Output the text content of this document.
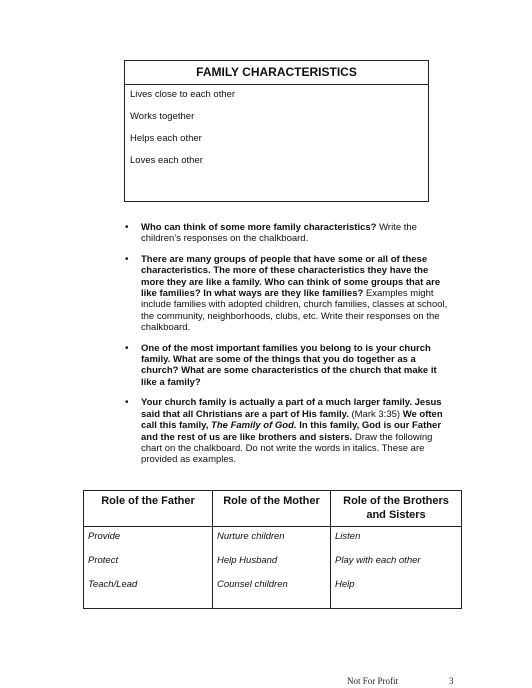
FAMILY CHARACTERISTICS
Lives close to each other
Works together
Helps each other
Loves each other
•	Who can think of some more family characteristics? Write the children’s responses on the chalkboard.
•	There are many groups of people that have some or all of these characteristics. The more of these characteristics they have the more they are like a family. Who can think of some groups that are like families? In what ways are they like families? Examples might include families with adopted children, church families, classes at school, the community, neighborhoods, clubs, etc. Write their responses on the chalkboard.
•	One of the most important families you belong to is your church family. What are some of the things that you do together as a church? What are some characteristics of the church that make it like a family?
•	Your church family is actually a part of a much larger family. Jesus said that all Christians are a part of His family. (Mark 3:35) We often call this family, The Family of God. In this family, God is our Father and the rest of us are like brothers and sisters. Draw the following chart on the chalkboard. Do not write the words in italics. These are provided as examples.
Role of the Father	Role of the Mother	Role of the Brothers and Sisters
Provide	Nurture children	Listen
Protect	Help Husband	Play with each other
Teach/Lead	Counsel children	Help
Not For Profit	3
